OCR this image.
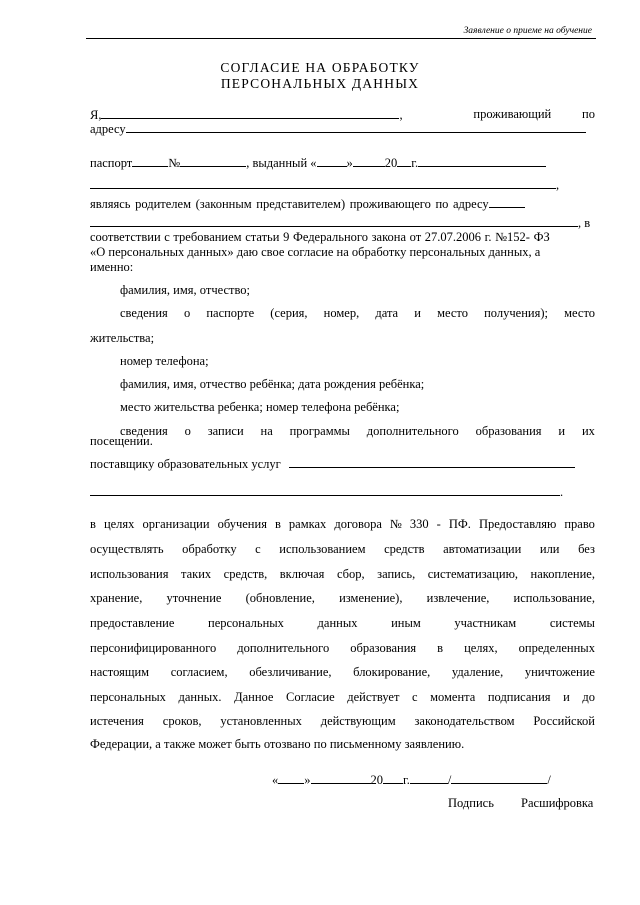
Заявление о приеме на обучение
СОГЛАСИЕ НА ОБРАБОТКУ
ПЕРСОНАЛЬНЫХ ДАННЫХ
Я,	,	проживающий по
адресу
паспорт	№	, выданный « »	20 г.
,
являясь родителем (законным представителем) проживающего по адресу
, в
соответствии с требованием статьи 9 Федерального закона от 27.07.2006 г. №152- ФЗ
«О персональных данных» даю свое согласие на обработку персональных данных, а
именно:
фамилия, имя, отчество;
сведения о паспорте (серия, номер, дата и место получения); место
жительства;
номер телефона;
фамилия, имя, отчество ребёнка; дата рождения ребёнка;
место жительства ребенка; номер телефона ребёнка;
сведения о записи на программы дополнительного образования и их
посещении.
поставщику образовательных услуг
.
в целях организации обучения в рамках договора № 330 - ПФ. Предоставляю право
осуществлять обработку с использованием средств автоматизации или без
использования таких средств, включая сбор, запись, систематизацию, накопление,
хранение, уточнение (обновление, изменение), извлечение, использование,
предоставление	персональных	данных	иным	участникам	системы
персонифицированного дополнительного образования в целях, определенных
настоящим согласием, обезличивание, блокирование, удаление, уничтожение
персональных данных. Данное Согласие действует с момента подписания и до
истечения сроков, установленных действующим законодательством Российской
Федерации, а также может быть отозвано по письменному заявлению.
« »	20 г.	/	/
Подпись Расшифровка
